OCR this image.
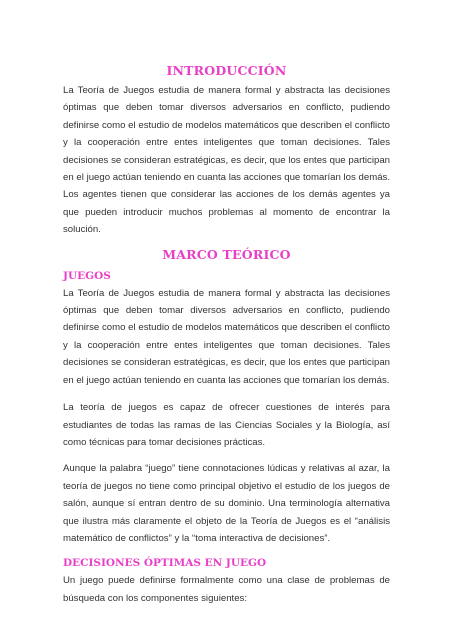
INTRODUCCIÓN

La Teoría de Juegos estudia de manera formal y abstracta las decisiones óptimas que deben tomar diversos adversarios en conflicto, pudiendo definirse como el estudio de modelos matemáticos que describen el conflicto y la cooperación entre entes inteligentes que toman decisiones. Tales decisiones se consideran estratégicas, es decir, que los entes que participan en el juego actúan teniendo en cuanta las acciones que tomarían los demás. Los agentes tienen que considerar las acciones de los demás agentes ya que pueden introducir muchos problemas al momento de encontrar la solución.

MARCO TEÓRICO
JUEGOS

La Teoría de Juegos estudia de manera formal y abstracta las decisiones óptimas que deben tomar diversos adversarios en conflicto, pudiendo definirse como el estudio de modelos matemáticos que describen el conflicto y la cooperación entre entes inteligentes que toman decisiones. Tales decisiones se consideran estratégicas, es decir, que los entes que participan en el juego actúan teniendo en cuanta las acciones que tomarían los demás.

La teoría de juegos es capaz de ofrecer cuestiones de interés para estudiantes de todas las ramas de las Ciencias Sociales y la Biología, así como técnicas para tomar decisiones prácticas.

Aunque la palabra “juego” tiene connotaciones lúdicas y relativas al azar, la teoría de juegos no tiene como principal objetivo el estudio de los juegos de salón, aunque sí entran dentro de su dominio. Una terminología alternativa que ilustra más claramente el objeto de la Teoría de Juegos es el “análisis matemático de conflictos” y la “toma interactiva de decisiones”.

DECISIONES ÓPTIMAS EN JUEGO

Un juego puede definirse formalmente como una clase de problemas de búsqueda con los componentes siguientes:
